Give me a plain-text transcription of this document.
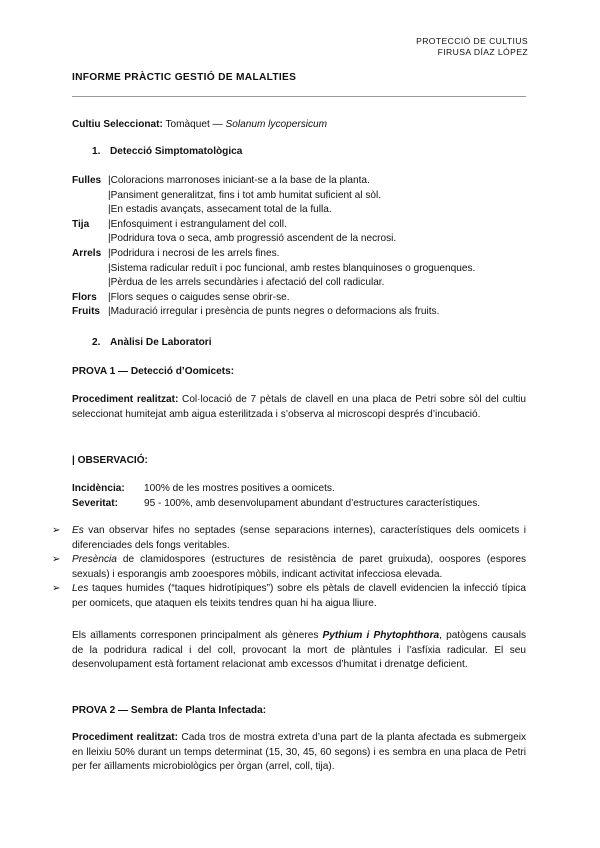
PROTECCIÓ DE CULTIUS
FIRUSA DÍAZ LÓPEZ
INFORME PRÀCTIC GESTIÓ DE MALALTIES
Cultiu Seleccionat: Tomàquet — Solanum lycopersicum
1. Detecció Simptomatològica
Fulles |Coloracions marronoses iniciant-se a la base de la planta.
|Pansiment generalitzat, fins i tot amb humitat suficient al sòl.
|En estadis avançats, assecament total de la fulla.
Tija	|Enfosquiment i estrangulament del coll.
|Podridura tova o seca, amb progressió ascendent de la necrosi.
Arrels |Podridura i necrosi de les arrels fines.
|Sistema radicular reduït i poc funcional, amb restes blanquinoses o groguenques.
|Pèrdua de les arrels secundàries i afectació del coll radicular.
Flors	|Flors seques o caigudes sense obrir-se.
Fruits |Maduració irregular i presència de punts negres o deformacions als fruits.
2. Anàlisi De Laboratori
PROVA 1 — Detecció d’Oomicets:
Procediment realitzat: Col·locació de 7 pètals de clavell en una placa de Petri sobre sòl del cultiu seleccionat humitejat amb aigua esterilitzada i s’observa al microscopi després d’incubació.
| OBSERVACIÓ:
Incidència: 100% de les mostres positives a oomicets.
Severitat:	95 - 100%, amb desenvolupament abundant d’estructures característiques.
➢ Es van observar hifes no septades (sense separacions internes), característiques dels oomicets i diferenciades dels fongs veritables.
➢ Presència de clamidospores (estructures de resistència de paret gruixuda), oospores (espores sexuals) i esporangis amb zooespores mòbils, indicant activitat infecciosa elevada.
➢ Les taques humides (“taques hidrotípiques”) sobre els pètals de clavell evidencien la infecció típica per oomicets, que ataquen els teixits tendres quan hi ha aigua lliure.
Els aïllaments corresponen principalment als gèneres Pythium i Phytophthora, patògens causals de la podridura radical i del coll, provocant la mort de plàntules i l’asfíxia radicular. El seu desenvolupament està fortament relacionat amb excessos d’humitat i drenatge deficient.
PROVA 2 — Sembra de Planta Infectada:
Procediment realitzat: Cada tros de mostra extreta d’una part de la planta afectada es submergeix en lleixiu 50% durant un temps determinat (15, 30, 45, 60 segons) i es sembra en una placa de Petri per fer aïllaments microbiològics per òrgan (arrel, coll, tija).
